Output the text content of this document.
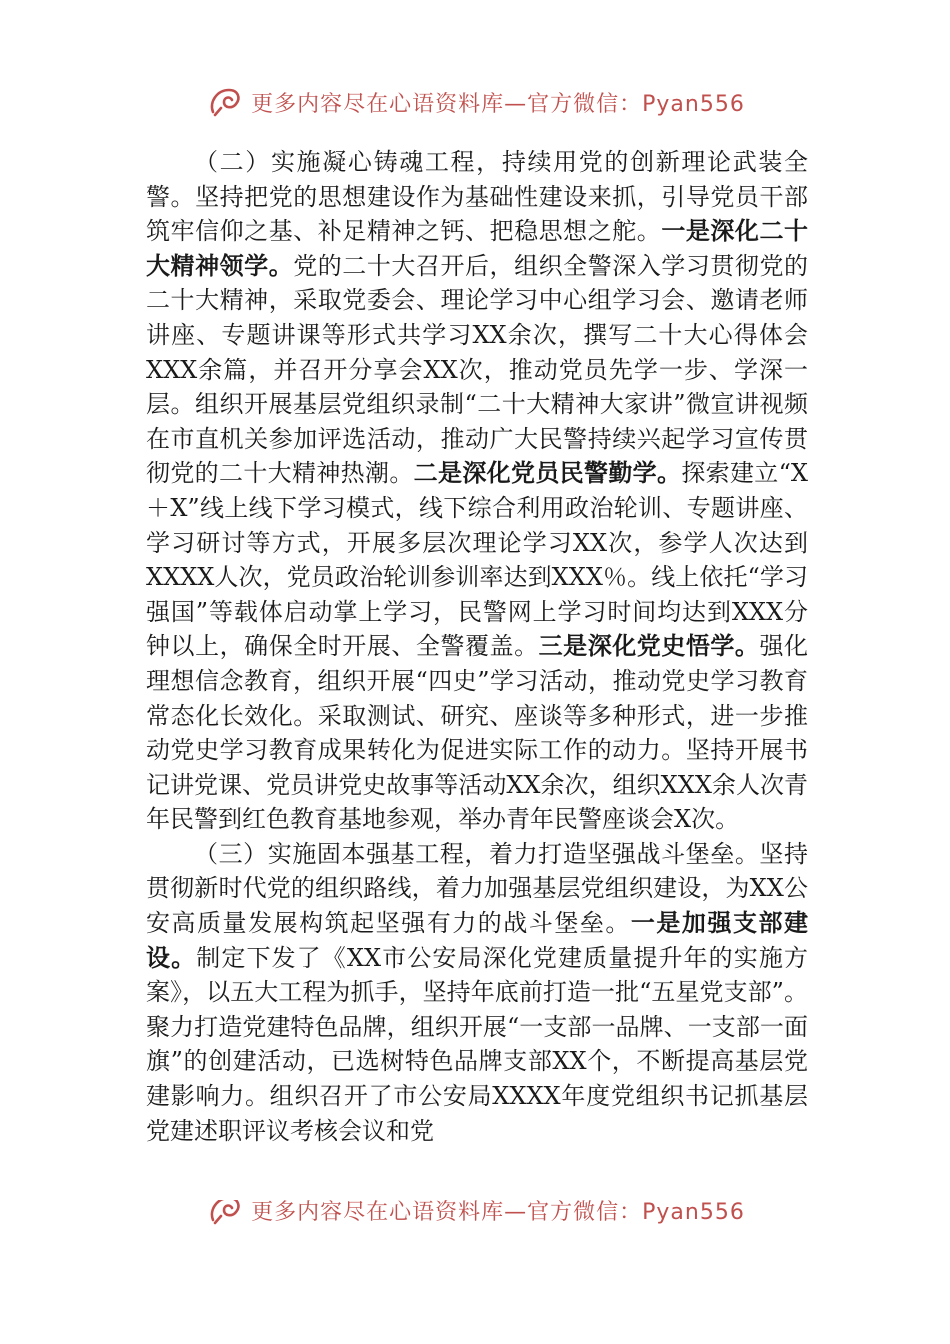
更多内容尽在心语资料库—官方微信：Pyan556

（二）实施凝心铸魂工程，持续用党的创新理论武装全警。坚持把党的思想建设作为基础性建设来抓，引导党员干部筑牢信仰之基、补足精神之钙、把稳思想之舵。一是深化二十大精神领学。党的二十大召开后，组织全警深入学习贯彻党的二十大精神，采取党委会、理论学习中心组学习会、邀请老师讲座、专题讲课等形式共学习XX余次，撰写二十大心得体会XXX余篇，并召开分享会XX次，推动党员先学一步、学深一层。组织开展基层党组织录制“二十大精神大家讲”微宣讲视频在市直机关参加评选活动，推动广大民警持续兴起学习宣传贯彻党的二十大精神热潮。二是深化党员民警勤学。探索建立“X＋X”线上线下学习模式，线下综合利用政治轮训、专题讲座、学习研讨等方式，开展多层次理论学习XX次，参学人次达到XXXX人次，党员政治轮训参训率达到XXX％。线上依托“学习强国”等载体启动掌上学习，民警网上学习时间均达到XXX分钟以上，确保全时开展、全警覆盖。三是深化党史悟学。强化理想信念教育，组织开展“四史”学习活动，推动党史学习教育常态化长效化。采取测试、研究、座谈等多种形式，进一步推动党史学习教育成果转化为促进实际工作的动力。坚持开展书记讲党课、党员讲党史故事等活动XX余次，组织XXX余人次青年民警到红色教育基地参观，举办青年民警座谈会X次。

（三）实施固本强基工程，着力打造坚强战斗堡垒。坚持贯彻新时代党的组织路线，着力加强基层党组织建设，为XX公安高质量发展构筑起坚强有力的战斗堡垒。一是加强支部建设。制定下发了《XX市公安局深化党建质量提升年的实施方案》，以五大工程为抓手，坚持年底前打造一批“五星党支部”。聚力打造党建特色品牌，组织开展“一支部一品牌、一支部一面旗”的创建活动，已选树特色品牌支部XX个，不断提高基层党建影响力。组织召开了市公安局XXXX年度党组织书记抓基层党建述职评议考核会议和党

更多内容尽在心语资料库—官方微信：Pyan556
